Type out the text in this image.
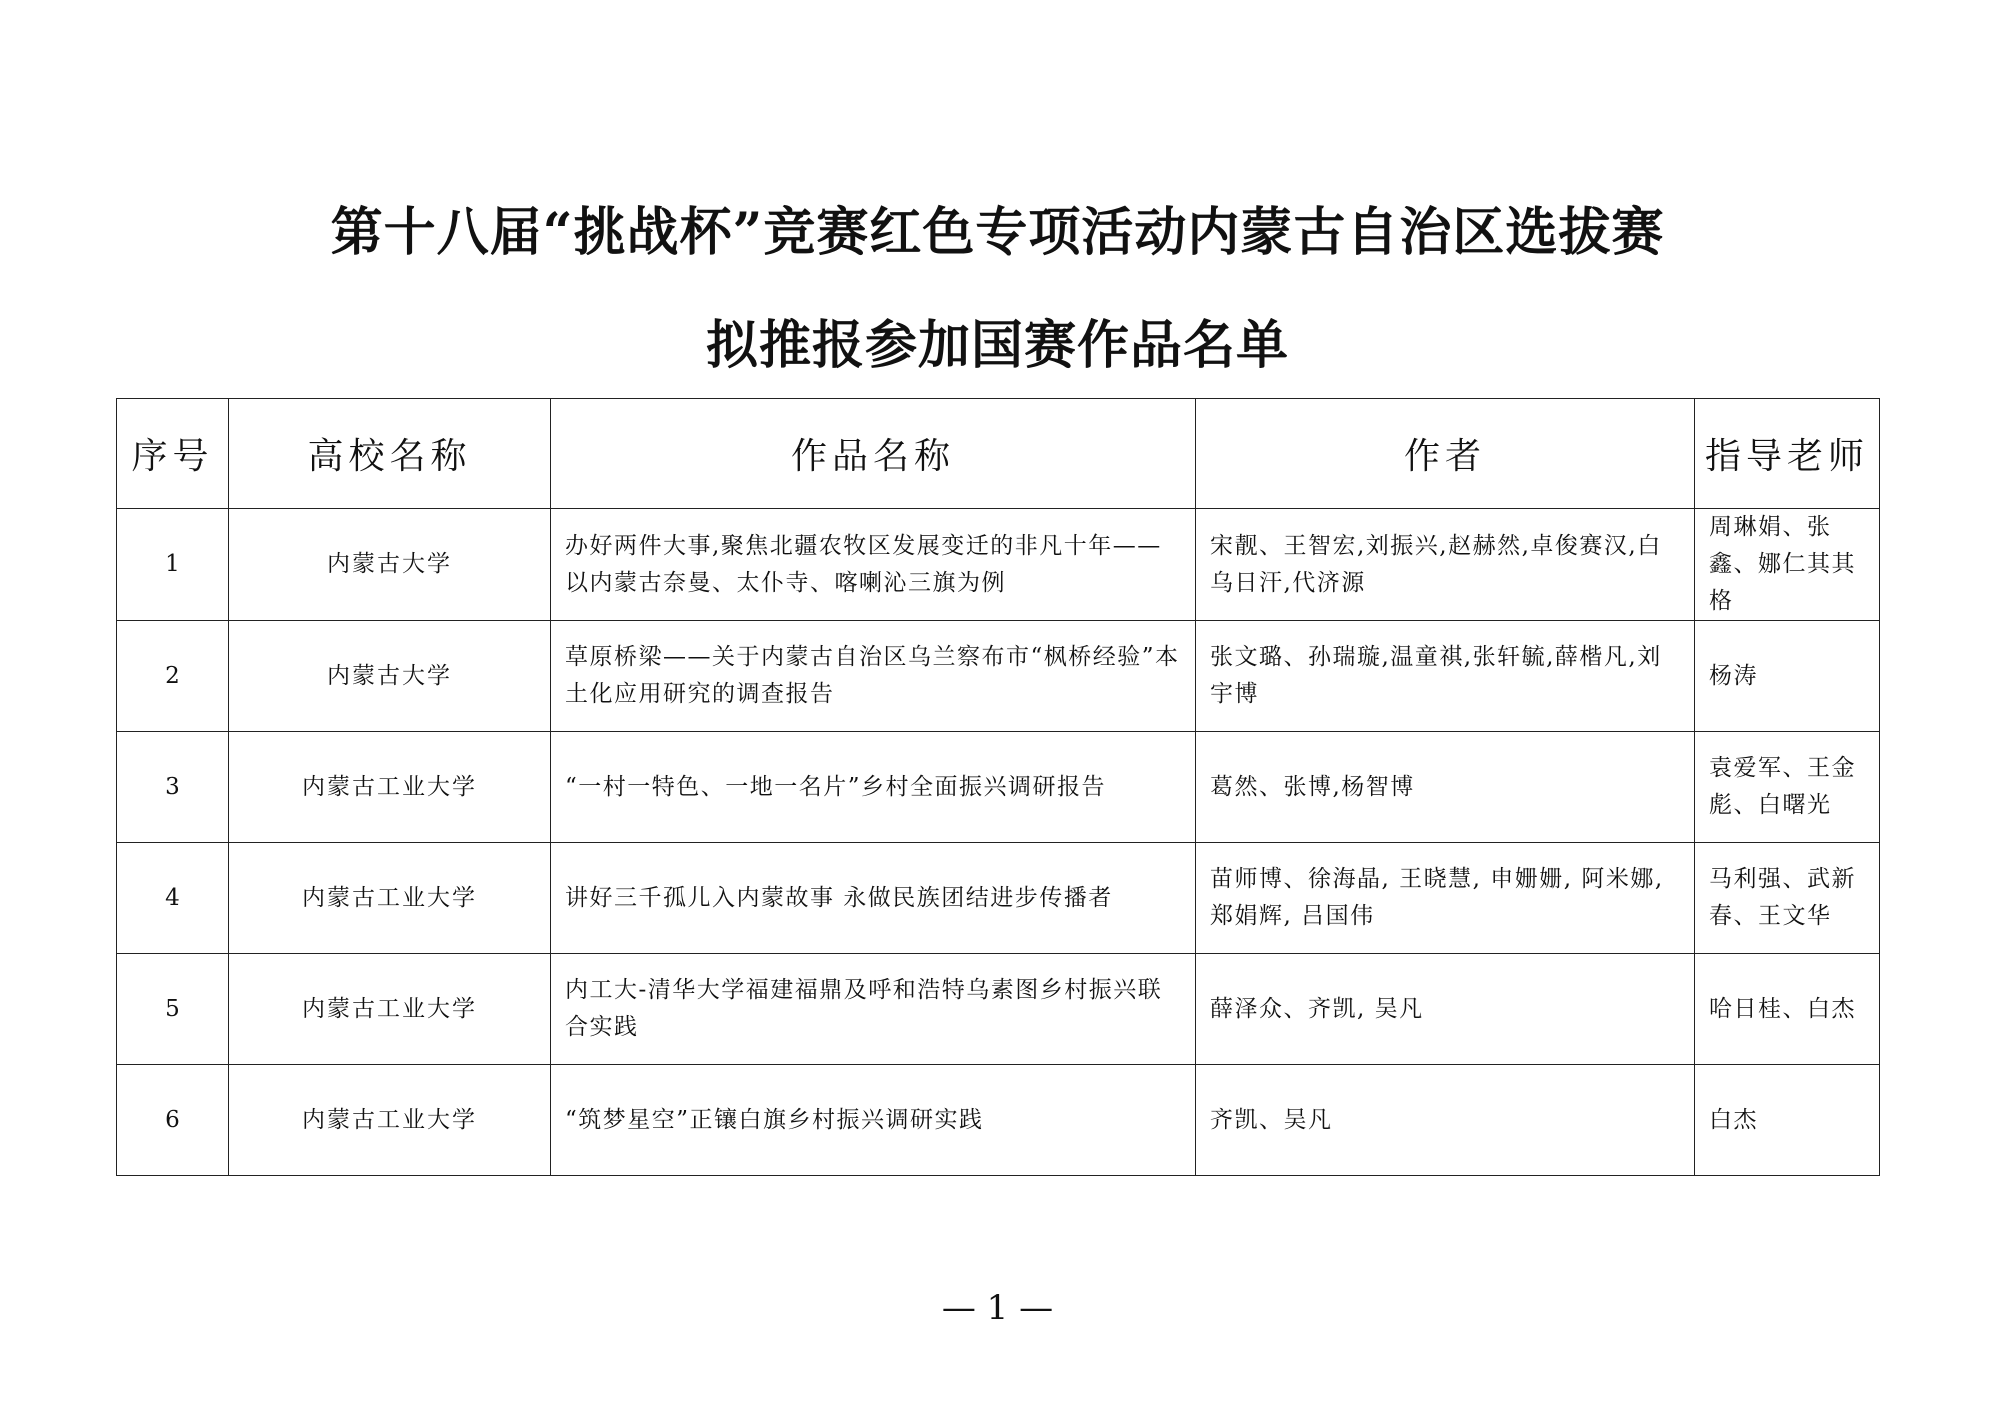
第十八届“挑战杯”竞赛红色专项活动内蒙古自治区选拔赛
拟推报参加国赛作品名单
序号	高校名称	作品名称	作者	指导老师
1	内蒙古大学	办好两件大事,聚焦北疆农牧区发展变迁的非凡十年——以内蒙古奈曼、太仆寺、喀喇沁三旗为例	宋靓、王智宏,刘振兴,赵赫然,卓俊赛汉,白乌日汗,代济源	周琳娟、张鑫、娜仁其其格
2	内蒙古大学	草原桥梁——关于内蒙古自治区乌兰察布市“枫桥经验”本土化应用研究的调查报告	张文璐、孙瑞璇,温童祺,张轩毓,薛楷凡,刘宇博	杨涛
3	内蒙古工业大学	“一村一特色、一地一名片”乡村全面振兴调研报告	葛然、张博,杨智博	袁爱军、王金彪、白曙光
4	内蒙古工业大学	讲好三千孤儿入内蒙故事 永做民族团结进步传播者	苗师博、徐海晶, 王晓慧, 申姗姗, 阿米娜, 郑娟辉, 吕国伟	马利强、武新春、王文华
5	内蒙古工业大学	内工大-清华大学福建福鼎及呼和浩特乌素图乡村振兴联合实践	薛泽众、齐凯, 吴凡	哈日桂、白杰
6	内蒙古工业大学	“筑梦星空”正镶白旗乡村振兴调研实践	齐凯、吴凡	白杰
— 1 —
